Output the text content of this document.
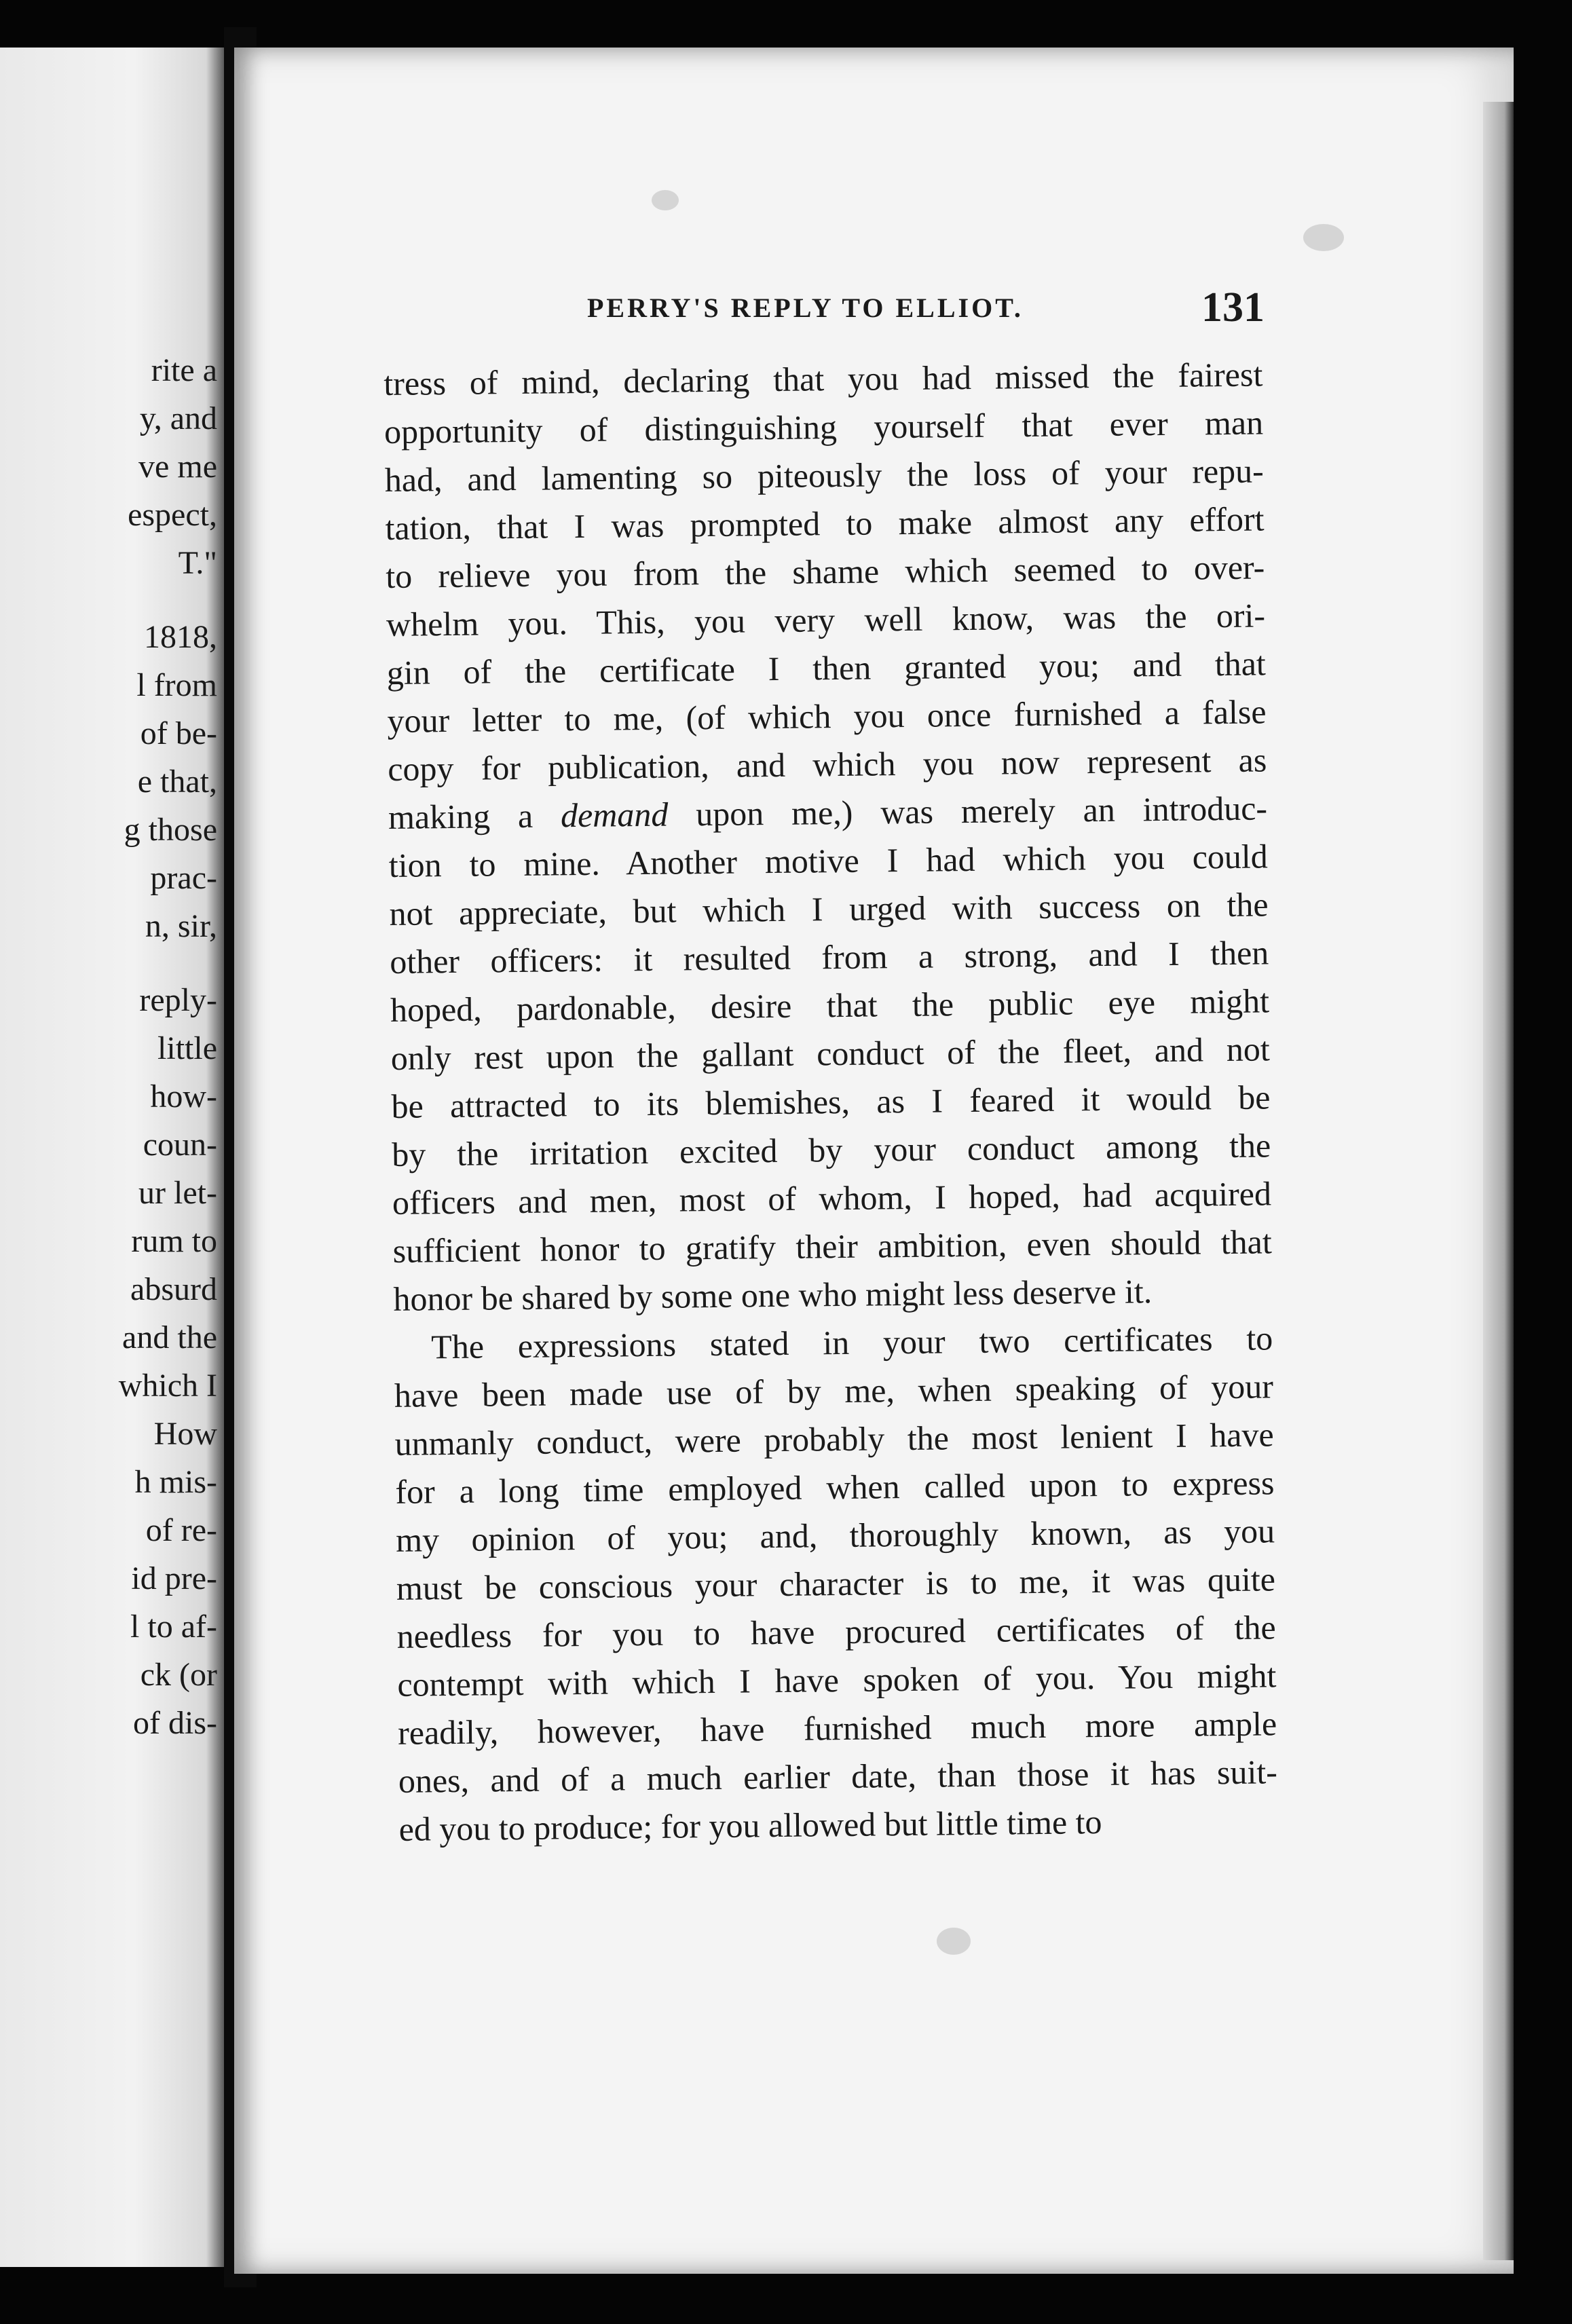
rite a
y, and
ve me
espect,
T."
1818,
l from
of be-
e that,
g those
prac-
n, sir,
reply-
little
how-
coun-
ur let-
rum to
absurd
and the
which I
How
h mis-
of re-
id pre-
l to af-
ck (or
of dis-
PERRY'S REPLY TO ELLIOT.	131
tress of mind, declaring that you had missed the fairest
opportunity of distinguishing yourself that ever man
had, and lamenting so piteously the loss of your repu-
tation, that I was prompted to make almost any effort
to relieve you from the shame which seemed to over-
whelm you. This, you very well know, was the ori-
gin of the certificate I then granted you; and that
your letter to me, (of which you once furnished a false
copy for publication, and which you now represent as
making a demand upon me,) was merely an introduc-
tion to mine. Another motive I had which you could
not appreciate, but which I urged with success on the
other officers: it resulted from a strong, and I then
hoped, pardonable, desire that the public eye might
only rest upon the gallant conduct of the fleet, and not
be attracted to its blemishes, as I feared it would be
by the irritation excited by your conduct among the
officers and men, most of whom, I hoped, had acquired
sufficient honor to gratify their ambition, even should that
honor be shared by some one who might less deserve it.
The expressions stated in your two certificates to
have been made use of by me, when speaking of your
unmanly conduct, were probably the most lenient I have
for a long time employed when called upon to express
my opinion of you; and, thoroughly known, as you
must be conscious your character is to me, it was quite
needless for you to have procured certificates of the
contempt with which I have spoken of you. You might
readily, however, have furnished much more ample
ones, and of a much earlier date, than those it has suit-
ed you to produce; for you allowed but little time to
